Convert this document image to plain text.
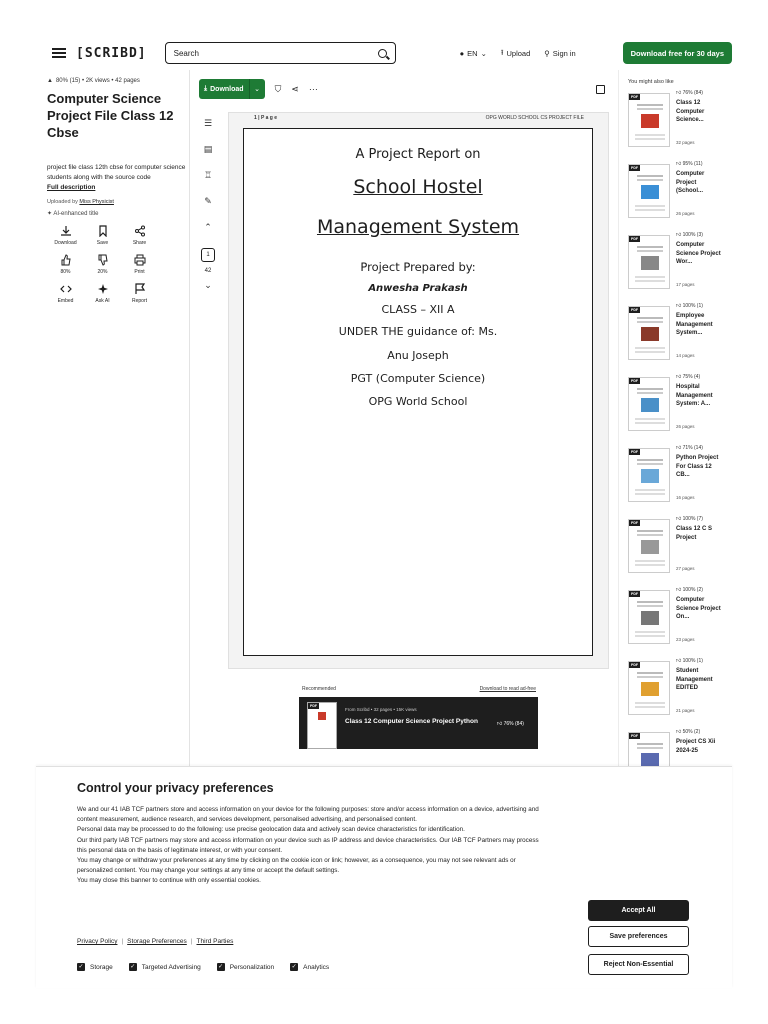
[SCRIBD]	Search	● EN ⌄ ⭱ Upload ⚲ Sign in	Download free for 30 days
▲ 80% (15) • 2K views • 42 pages
Computer Science Project File Class 12 Cbse
project file class 12th cbse for computer science students along with the source code
Full description
Uploaded by Miss Physicist
✦ AI-enhanced title
Download	Save	Share
80%	20%	Print
Embed	Ask AI	Report
⤓ Download	⌄	⛉ ⋖ ···
☰
▤
♖
✎
⌃
1
42
⌄
1 | P a g e	OPG WORLD SCHOOL CS PROJECT FILE
A Project Report on
School Hostel
Management System
Project Prepared by:
Anwesha Prakash
CLASS – XII A
UNDER THE guidance of: Ms.
Anu Joseph
PGT (Computer Science)
OPG World School
Recommended	Download to read ad-free
PDF
From Scribd • 32 pages • 15K views
Class 12 Computer Science Project Python	👍︎ 76% (84)
You might also like
PDF
👍︎ 76% (84)
Class 12 Computer Science...
32 pages
PDF
👍︎ 95% (11)
Computer Project (School...
26 pages
PDF
👍︎ 100% (3)
Computer Science Project Wor...
17 pages
PDF
👍︎ 100% (1)
Employee Management System...
14 pages
PDF
👍︎ 75% (4)
Hospital Management System: A...
26 pages
PDF
👍︎ 71% (14)
Python Project For Class 12 CB...
16 pages
PDF
👍︎ 100% (7)
Class 12 C S Project
27 pages
PDF
👍︎ 100% (2)
Computer Science Project On...
23 pages
PDF
👍︎ 100% (1)
Student Management EDITED
21 pages
PDF
👍︎ 50% (2)
Project CS Xii 2024-25
Control your privacy preferences
We and our 41 IAB TCF partners store and access information on your device for the following purposes: store and/or access information on a device, advertising and content measurement, audience research, and services development, personalised advertising, and personalised content.
Personal data may be processed to do the following: use precise geolocation data and actively scan device characteristics for identification.
Our third party IAB TCF partners may store and access information on your device such as IP address and device characteristics. Our IAB TCF Partners may process this personal data on the basis of legitimate interest, or with your consent.
You may change or withdraw your preferences at any time by clicking on the cookie icon or link; however, as a consequence, you may not see relevant ads or personalized content. You may change your settings at any time or accept the default settings.
You may close this banner to continue with only essential cookies.
Privacy Policy | Storage Preferences | Third Parties
✓ Storage	✓ Targeted Advertising	✓ Personalization	✓ Analytics
Accept All
Save preferences
Reject Non-Essential
